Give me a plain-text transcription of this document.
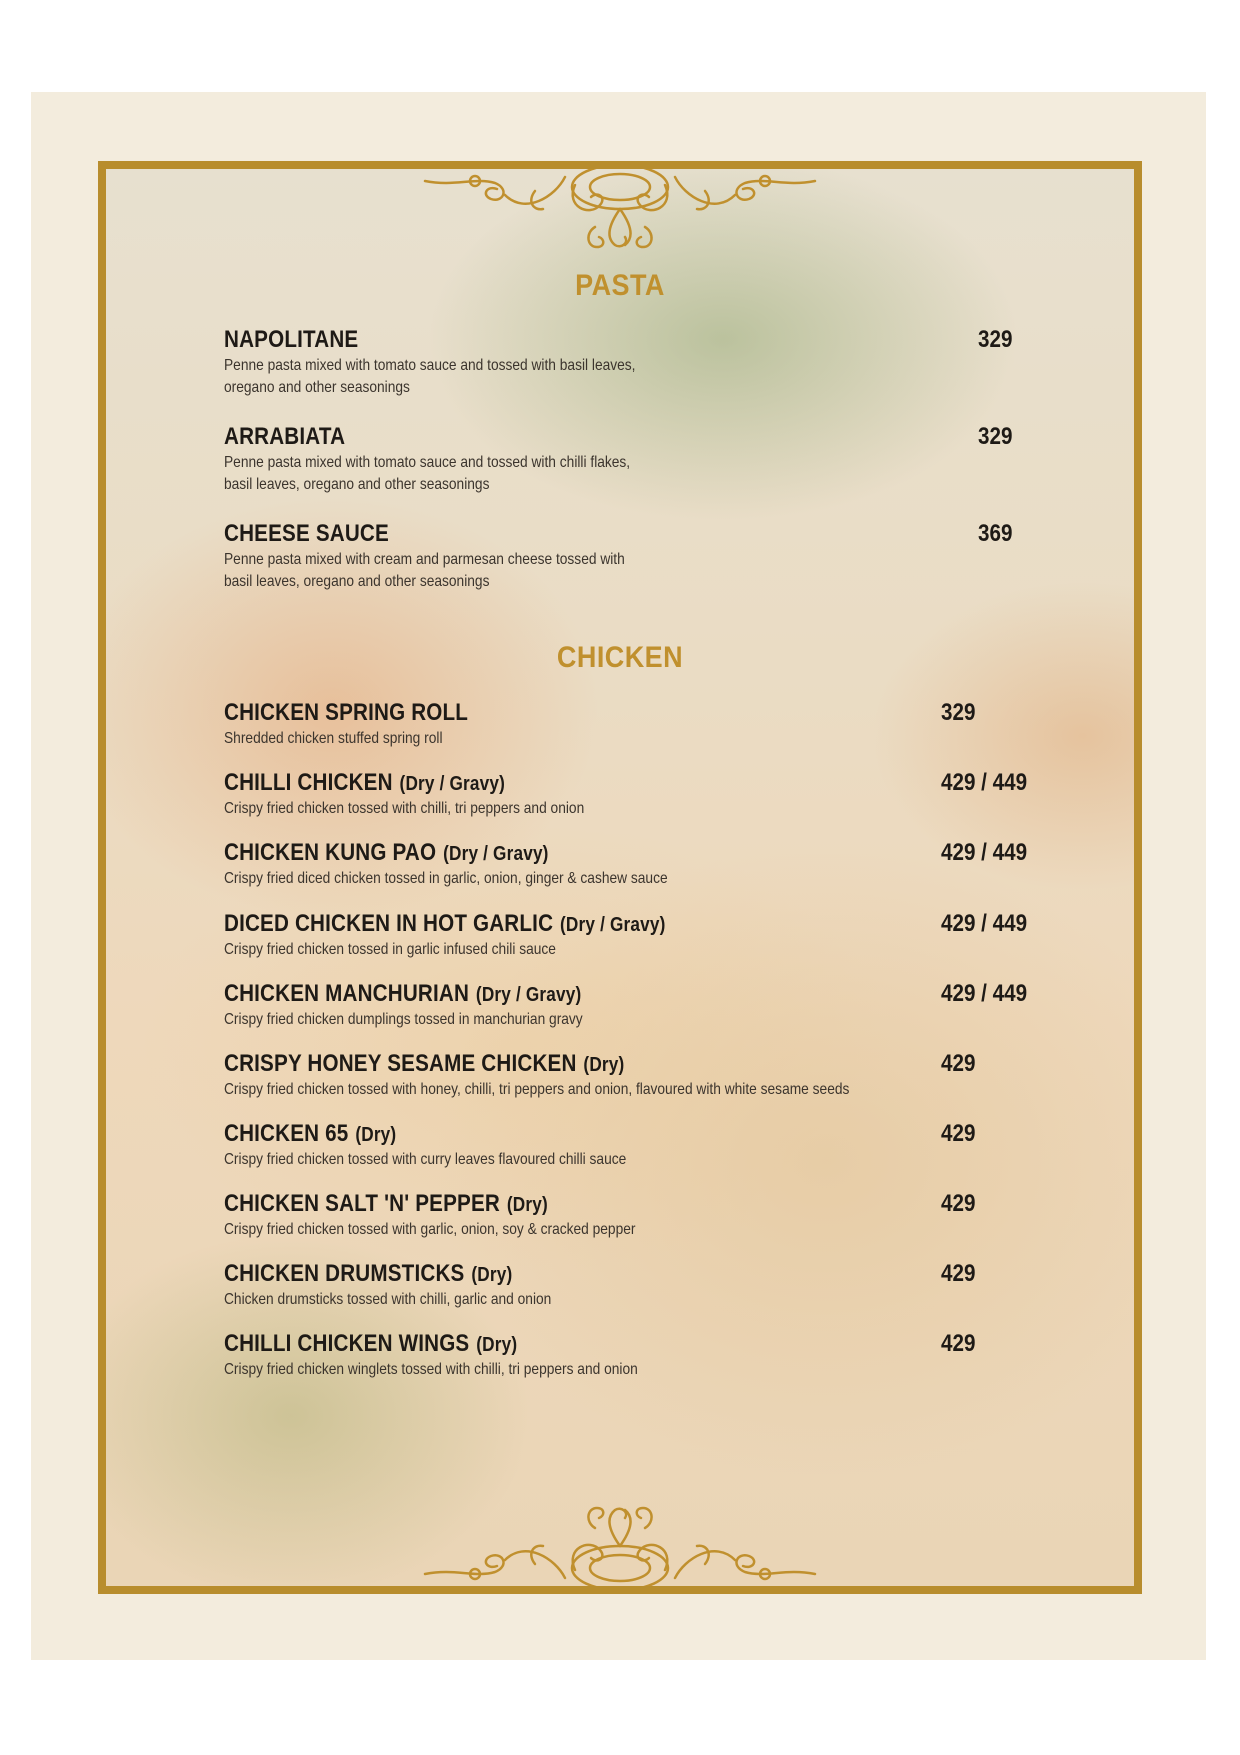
PASTA
NAPOLITANE
Penne pasta mixed with tomato sauce and tossed with basil leaves,
oregano and other seasonings
329
ARRABIATA
Penne pasta mixed with tomato sauce and tossed with chilli flakes,
basil leaves, oregano and other seasonings
329
CHEESE SAUCE
Penne pasta mixed with cream and parmesan cheese tossed with
basil leaves, oregano and other seasonings
369
CHICKEN
CHICKEN SPRING ROLL
Shredded chicken stuffed spring roll
329
CHILLI CHICKEN (Dry / Gravy)
Crispy fried chicken tossed with chilli, tri peppers and onion
429 / 449
CHICKEN KUNG PAO (Dry / Gravy)
Crispy fried diced chicken tossed in garlic, onion, ginger & cashew sauce
429 / 449
DICED CHICKEN IN HOT GARLIC (Dry / Gravy)
Crispy fried chicken tossed in garlic infused chili sauce
429 / 449
CHICKEN MANCHURIAN (Dry / Gravy)
Crispy fried chicken dumplings tossed in manchurian gravy
429 / 449
CRISPY HONEY SESAME CHICKEN (Dry)
Crispy fried chicken tossed with honey, chilli, tri peppers and onion, flavoured with white sesame seeds
429
CHICKEN 65 (Dry)
Crispy fried chicken tossed with curry leaves flavoured chilli sauce
429
CHICKEN SALT 'N' PEPPER (Dry)
Crispy fried chicken tossed with garlic, onion, soy & cracked pepper
429
CHICKEN DRUMSTICKS (Dry)
Chicken drumsticks tossed with chilli, garlic and onion
429
CHILLI CHICKEN WINGS (Dry)
Crispy fried chicken winglets tossed with chilli, tri peppers and onion
429
